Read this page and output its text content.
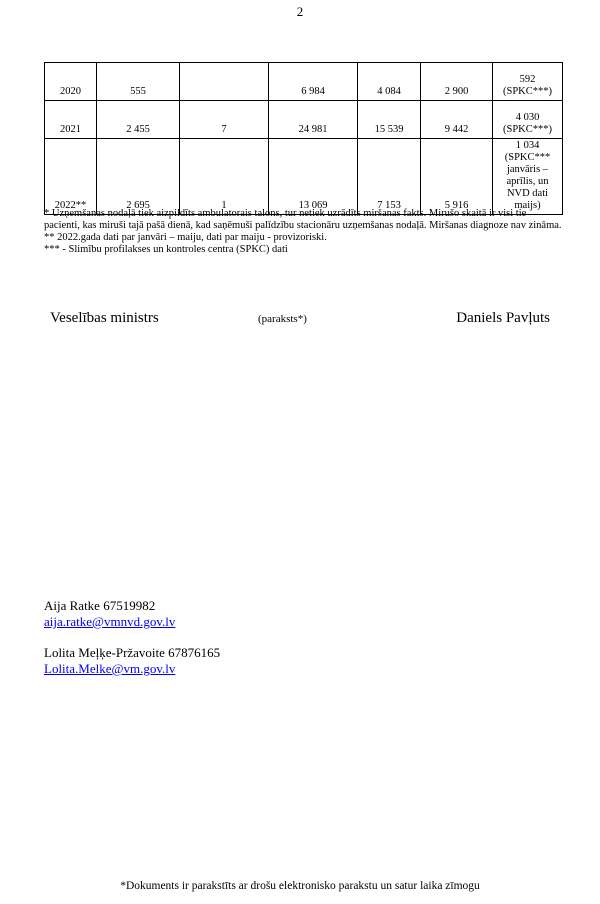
2
2020	555		6 984	4 084	2 900	592 (SPKC***)
2021	2 455	7	24 981	15 539	9 442	4 030 (SPKC***)
2022**	2 695	1	13 069	7 153	5 916	1 034 (SPKC*** janvāris – aprīlis, un NVD dati maijs)
* Uzņemšanas nodaļā tiek aizpildīts ambulatorais talons, tur netiek uzrādīts miršanas fakts. Mirušo skaitā ir visi tie pacienti, kas miruši tajā pašā dienā, kad saņēmuši palīdzību stacionāru uzņemšanas nodaļā. Miršanas diagnoze nav zināma.
** 2022.gada dati par janvāri – maiju, dati par maiju - provizoriski.
*** - Slimību profilakses un kontroles centra (SPKC) dati
Veselības ministrs	(paraksts*)	Daniels Pavļuts
Aija Ratke 67519982
aija.ratke@vmnvd.gov.lv
Lolita Meļķe-Pržavoite 67876165
Lolita.Melke@vm.gov.lv
*Dokuments ir parakstīts ar drošu elektronisko parakstu un satur laika zīmogu
